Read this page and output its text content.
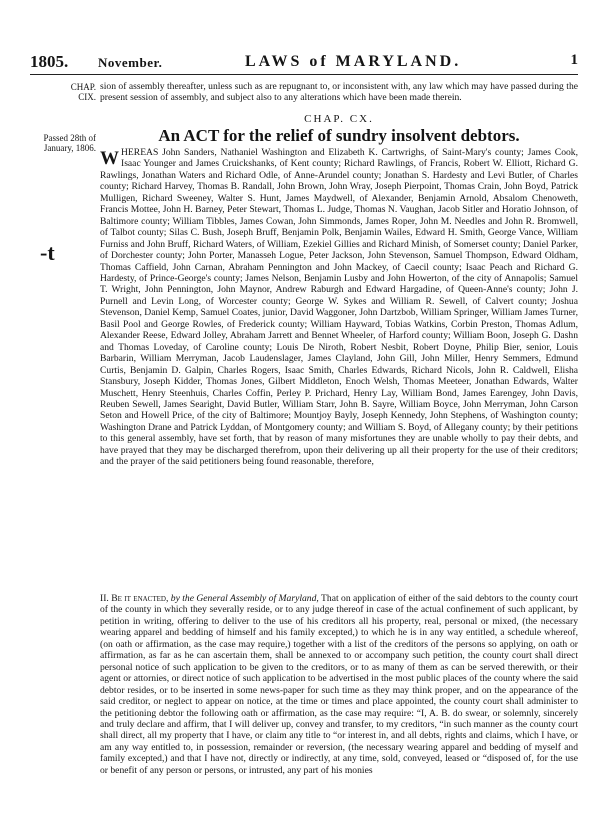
1805. November.	LAWS of MARYLAND.	1
CHAP.
CIX.
Passed 28th of
January, 1806.
-t
sion of assembly thereafter, unless such as are repugnant to, or inconsistent with, any law which may have passed during the present session of assembly, and subject also to any alterations which have been made therein.
CHAP. CX.
An ACT for the relief of sundry insolvent debtors.
WHEREAS John Sanders, Nathaniel Washington and Elizabeth K. Cartwrighs, of Saint-Mary's county; James Cook, Isaac Younger and James Cruickshanks, of Kent county; Richard Rawlings, of Francis, Robert W. Elliott, Richard G. Rawlings, Jonathan Waters and Richard Odle, of Anne-Arundel county; Jonathan S. Hardesty and Levi Butler, of Charles county; Richard Harvey, Thomas B. Randall, John Brown, John Wray, Joseph Pierpoint, Thomas Crain, John Boyd, Patrick Mulligen, Richard Sweeney, Walter S. Hunt, James Maydwell, of Alexander, Benjamin Arnold, Absalom Chenoweth, Francis Mottee, John H. Barney, Peter Stewart, Thomas L. Judge, Thomas N. Vaughan, Jacob Sitler and Horatio Johnson, of Baltimore county; William Tibbles, James Cowan, John Simmonds, James Roper, John M. Needles and John R. Bromwell, of Talbot county; Silas C. Bush, Joseph Bruff, Benjamin Polk, Benjamin Wailes, Edward H. Smith, George Vance, William Furniss and John Bruff, Richard Waters, of William, Ezekiel Gillies and Richard Minish, of Somerset county; Daniel Parker, of Dorchester county; John Porter, Manasseh Logue, Peter Jackson, John Stevenson, Samuel Thompson, Edward Oldham, Thomas Caffield, John Carnan, Abraham Pennington and John Mackey, of Caecil county; Isaac Peach and Richard G. Hardesty, of Prince-George's county; James Nelson, Benjamin Lusby and John Howerton, of the city of Annapolis; Samuel T. Wright, John Pennington, John Maynor, Andrew Raburgh and Edward Hargadine, of Queen-Anne's county; John J. Purnell and Levin Long, of Worcester county; George W. Sykes and William R. Sewell, of Calvert county; Joshua Stevenson, Daniel Kemp, Samuel Coates, junior, David Waggoner, John Dartzbob, William Springer, William James Turner, Basil Pool and George Rowles, of Frederick county; William Hayward, Tobias Watkins, Corbin Preston, Thomas Adlum, Alexander Reese, Edward Jolley, Abraham Jarrett and Bennet Wheeler, of Harford county; William Boon, Joseph G. Dashn and Thomas Loveday, of Caroline county; Louis De Niroth, Robert Nesbit, Robert Doyne, Philip Bier, senior, Louis Barbarin, William Merryman, Jacob Laudenslager, James Clayland, John Gill, John Miller, Henry Semmers, Edmund Curtis, Benjamin D. Galpin, Charles Rogers, Isaac Smith, Charles Edwards, Richard Nicols, John R. Caldwell, Elisha Stansbury, Joseph Kidder, Thomas Jones, Gilbert Middleton, Enoch Welsh, Thomas Meeteer, Jonathan Edwards, Walter Muschett, Henry Steenhuis, Charles Coffin, Perley P. Prichard, Henry Lay, William Bond, James Earengey, John Davis, Reuben Sewell, James Searight, David Butler, William Starr, John B. Sayre, William Boyce, John Merryman, John Carson Seton and Howell Price, of the city of Baltimore; Mountjoy Bayly, Joseph Kennedy, John Stephens, of Washington county; Washington Drane and Patrick Lyddan, of Montgomery county; and William S. Boyd, of Allegany county; by their petitions to this general assembly, have set forth, that by reason of many misfortunes they are unable wholly to pay their debts, and have prayed that they may be discharged therefrom, upon their delivering up all their property for the use of their creditors; and the prayer of the said petitioners being found reasonable, therefore,
II. Be it enacted, by the General Assembly of Maryland, That on application of either of the said debtors to the county court of the county in which they severally reside, or to any judge thereof in case of the actual confinement of such applicant, by petition in writing, offering to deliver to the use of his creditors all his property, real, personal or mixed, (the necessary wearing apparel and bedding of himself and his family excepted,) to which he is in any way entitled, a schedule whereof, (on oath or affirmation, as the case may require,) together with a list of the creditors of the persons so applying, on oath or affirmation, as far as he can ascertain them, shall be annexed to or accompany such petition, the county court shall direct personal notice of such application to be given to the creditors, or to as many of them as can be served therewith, or their agent or attornies, or direct notice of such application to be advertised in the most public places of the county where the said debtor resides, or to be inserted in some news-paper for such time as they may think proper, and on the appearance of the said creditor, or neglect to appear on notice, at the time or times and place appointed, the county court shall administer to the petitioning debtor the following oath or affirmation, as the case may require: “I, A. B. do swear, or solemnly, sincerely and truly declare and affirm, that I will deliver up, convey and transfer, to my creditors, “in such manner as the county court shall direct, all my property that I have, or claim any title to “or interest in, and all debts, rights and claims, which I have, or am any way entitled to, in possession, remainder or reversion, (the necessary wearing apparel and bedding of myself and family excepted,) and that I have not, directly or indirectly, at any time, sold, conveyed, leased or “disposed of, for the use or benefit of any person or persons, or intrusted, any part of his monies
